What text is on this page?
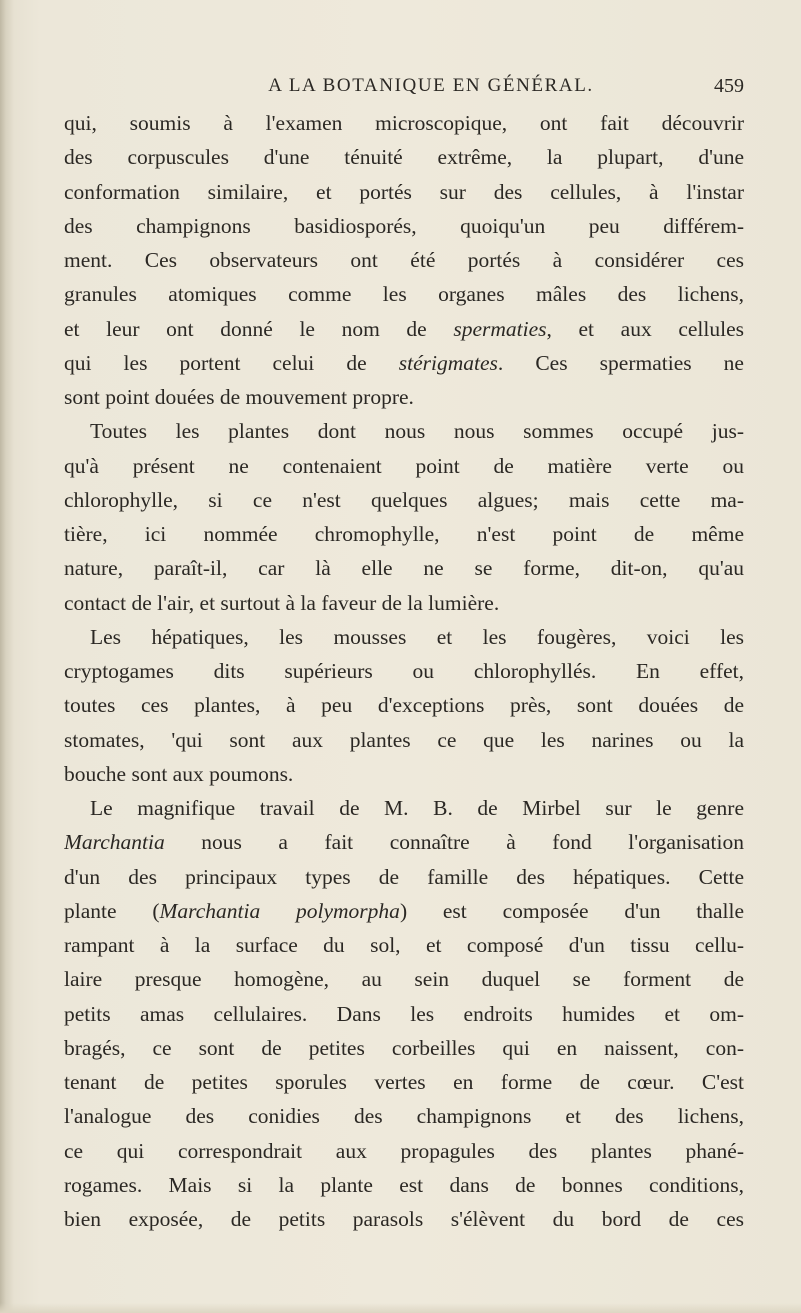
A LA BOTANIQUE EN GÉNÉRAL.	459
qui, soumis à l'examen microscopique, ont fait découvrir
des corpuscules d'une ténuité extrême, la plupart, d'une
conformation similaire, et portés sur des cellules, à l'instar
des champignons basidiosporés, quoiqu'un peu différem-
ment. Ces observateurs ont été portés à considérer ces
granules atomiques comme les organes mâles des lichens,
et leur ont donné le nom de spermaties, et aux cellules
qui les portent celui de stérigmates. Ces spermaties ne
sont point douées de mouvement propre.
Toutes les plantes dont nous nous sommes occupé jus-
qu'à présent ne contenaient point de matière verte ou
chlorophylle, si ce n'est quelques algues; mais cette ma-
tière, ici nommée chromophylle, n'est point de même
nature, paraît-il, car là elle ne se forme, dit-on, qu'au
contact de l'air, et surtout à la faveur de la lumière.
Les hépatiques, les mousses et les fougères, voici les
cryptogames dits supérieurs ou chlorophyllés. En effet,
toutes ces plantes, à peu d'exceptions près, sont douées de
stomates, 'qui sont aux plantes ce que les narines ou la
bouche sont aux poumons.
Le magnifique travail de M. B. de Mirbel sur le genre
Marchantia nous a fait connaître à fond l'organisation
d'un des principaux types de famille des hépatiques. Cette
plante (Marchantia polymorpha) est composée d'un thalle
rampant à la surface du sol, et composé d'un tissu cellu-
laire presque homogène, au sein duquel se forment de
petits amas cellulaires. Dans les endroits humides et om-
bragés, ce sont de petites corbeilles qui en naissent, con-
tenant de petites sporules vertes en forme de cœur. C'est
l'analogue des conidies des champignons et des lichens,
ce qui correspondrait aux propagules des plantes phané-
rogames. Mais si la plante est dans de bonnes conditions,
bien exposée, de petits parasols s'élèvent du bord de ces
